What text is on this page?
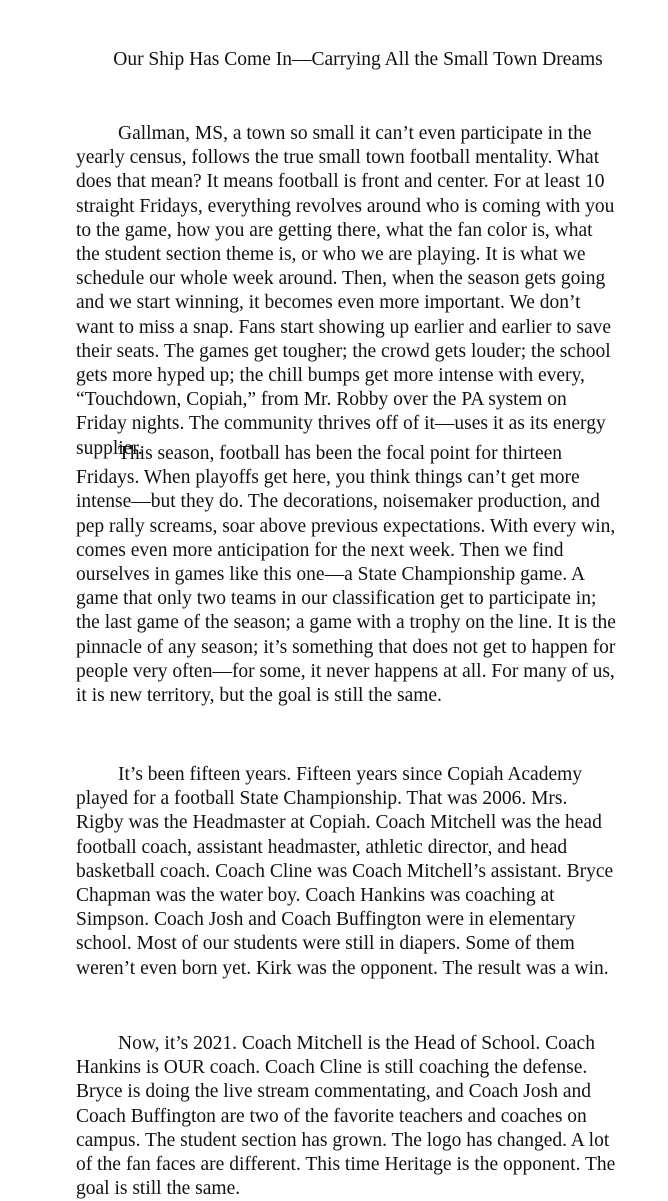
Our Ship Has Come In—Carrying All the Small Town Dreams

Gallman, MS, a town so small it can’t even participate in the yearly census, follows the true small town football mentality. What does that mean? It means football is front and center. For at least 10 straight Fridays, everything revolves around who is coming with you to the game, how you are getting there, what the fan color is, what the student section theme is, or who we are playing. It is what we schedule our whole week around. Then, when the season gets going and we start winning, it becomes even more important. We don’t want to miss a snap. Fans start showing up earlier and earlier to save their seats. The games get tougher; the crowd gets louder; the school gets more hyped up; the chill bumps get more intense with every, “Touchdown, Copiah,” from Mr. Robby over the PA system on Friday nights. The community thrives off of it—uses it as its energy supplier.

This season, football has been the focal point for thirteen Fridays. When playoffs get here, you think things can’t get more intense—but they do. The decorations, noisemaker production, and pep rally screams, soar above previous expectations. With every win, comes even more anticipation for the next week. Then we find ourselves in games like this one—a State Championship game. A game that only two teams in our classification get to participate in; the last game of the season; a game with a trophy on the line. It is the pinnacle of any season; it’s something that does not get to happen for people very often—for some, it never happens at all. For many of us, it is new territory, but the goal is still the same.

It’s been fifteen years. Fifteen years since Copiah Academy played for a football State Championship. That was 2006. Mrs. Rigby was the Headmaster at Copiah. Coach Mitchell was the head football coach, assistant headmaster, athletic director, and head basketball coach. Coach Cline was Coach Mitchell’s assistant. Bryce Chapman was the water boy. Coach Hankins was coaching at Simpson. Coach Josh and Coach Buffington were in elementary school. Most of our students were still in diapers. Some of them weren’t even born yet. Kirk was the opponent. The result was a win.

Now, it’s 2021. Coach Mitchell is the Head of School. Coach Hankins is OUR coach. Coach Cline is still coaching the defense. Bryce is doing the live stream commentating, and Coach Josh and Coach Buffington are two of the favorite teachers and coaches on campus. The student section has grown. The logo has changed. A lot of the fan faces are different. This time Heritage is the opponent. The goal is still the same.
